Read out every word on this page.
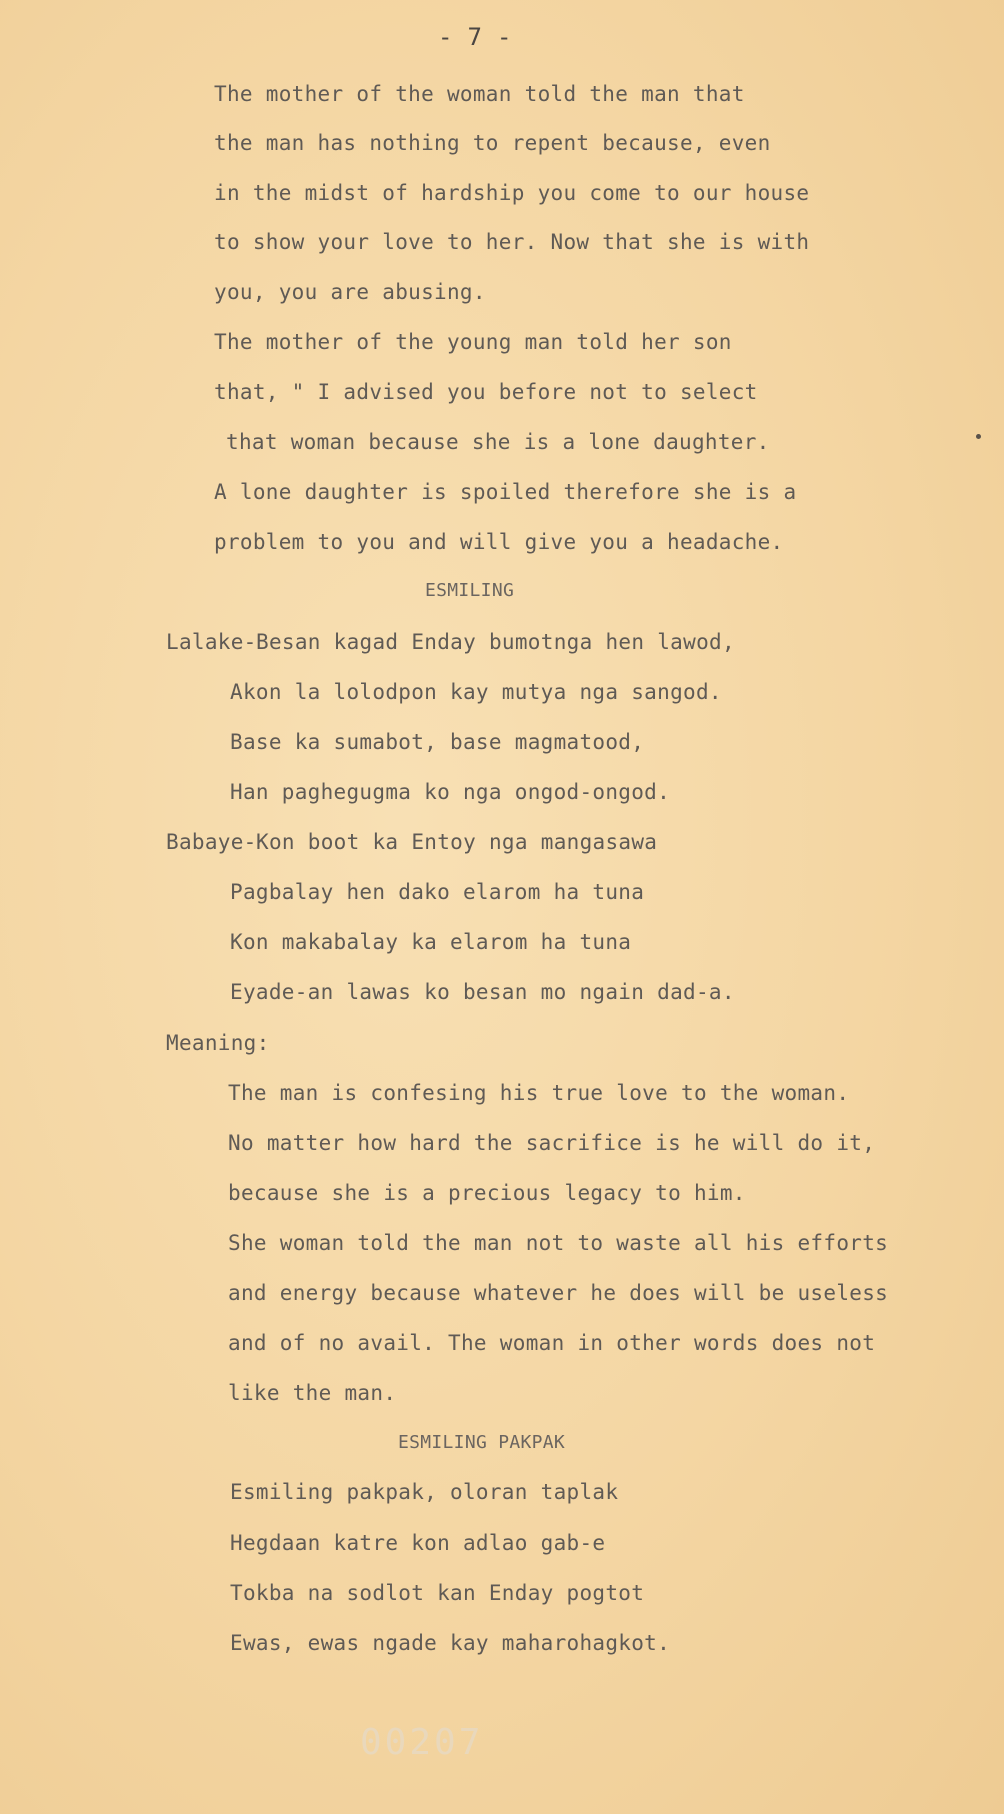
- 7 -
The mother of the woman told the man that
the man has nothing to repent because, even
in the midst of hardship you come to our house
to show your love to her. Now that she is with
you, you are abusing.
The mother of the young man told her son
that, " I advised you before not to select
that woman because she is a lone daughter.
A lone daughter is spoiled therefore she is a
problem to you and will give you a headache.
ESMILING
Lalake- Besan kagad Enday bumotnga hen lawod,
Akon la lolodpon kay mutya nga sangod.
Base ka sumabot, base magmatood,
Han paghegugma ko nga ongod-ongod.
Babaye- Kon boot ka Entoy nga mangasawa
Pagbalay hen dako elarom ha tuna
Kon makabalay ka elarom ha tuna
Eyade-an lawas ko besan mo ngain dad-a.
Meaning:
The man is confesing his true love to the woman.
No matter how hard the sacrifice is he will do it,
because she is a precious legacy to him.
She woman told the man not to waste all his efforts
and energy because whatever he does will be useless
and of no avail. The woman in other words does not
like the man.
ESMILING PAKPAK
Esmiling pakpak, oloran taplak
Hegdaan katre kon adlao gab-e
Tokba na sodlot kan Enday pogtot
Ewas, ewas ngade kay maharohagkot.
00207
